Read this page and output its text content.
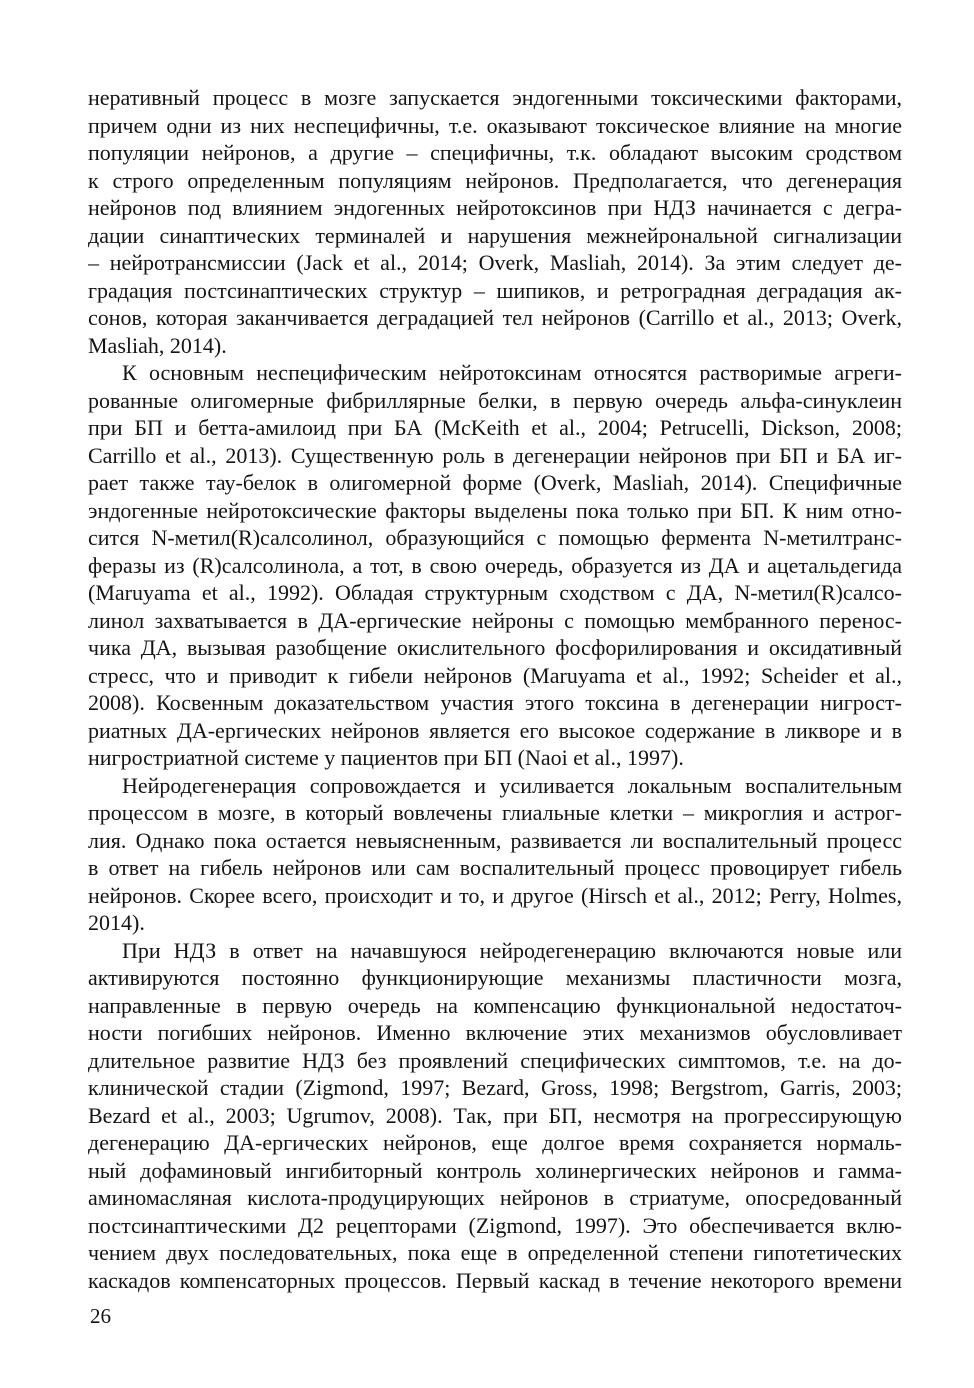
неративный процесс в мозге запускается эндогенными токсическими факторами,
причем одни из них неспецифичны, т.е. оказывают токсическое влияние на многие
популяции нейронов, а другие – специфичны, т.к. обладают высоким сродством
к строго определенным популяциям нейронов. Предполагается, что дегенерация
нейронов под влиянием эндогенных нейротоксинов при НДЗ начинается с дегра-
дации синаптических терминалей и нарушения межнейрональной сигнализации
– нейротрансмиссии (Jack et al., 2014; Overk, Masliah, 2014). За этим следует де-
градация постсинаптических структур – шипиков, и ретроградная деградация ак-
сонов, которая заканчивается деградацией тел нейронов (Carrillo et al., 2013; Overk,
Masliah, 2014).
К основным неспецифическим нейротоксинам относятся растворимые агреги-
рованные олигомерные фибриллярные белки, в первую очередь альфа-синуклеин
при БП и бетта-амилоид при БА (McKeith et al., 2004; Petrucelli, Dickson, 2008;
Carrillo et al., 2013). Существенную роль в дегенерации нейронов при БП и БА иг-
рает также тау-белок в олигомерной форме (Overk, Masliah, 2014). Специфичные
эндогенные нейротоксические факторы выделены пока только при БП. К ним отно-
сится N-метил(R)салсолинол, образующийся с помощью фермента N-метилтранс-
феразы из (R)салсолинола, а тот, в свою очередь, образуется из ДА и ацетальдегида
(Maruyama et al., 1992). Обладая структурным сходством с ДА, N-метил(R)салсо-
линол захватывается в ДА-ергические нейроны с помощью мембранного перенос-
чика ДА, вызывая разобщение окислительного фосфорилирования и оксидативный
стресс, что и приводит к гибели нейронов (Maruyama et al., 1992; Scheider et al.,
2008). Косвенным доказательством участия этого токсина в дегенерации нигрост-
риатных ДА-ергических нейронов является его высокое содержание в ликворе и в
нигростриатной системе у пациентов при БП (Naoi et al., 1997).
Нейродегенерация сопровождается и усиливается локальным воспалительным
процессом в мозге, в который вовлечены глиальные клетки – микроглия и астрог-
лия. Однако пока остается невыясненным, развивается ли воспалительный процесс
в ответ на гибель нейронов или сам воспалительный процесс провоцирует гибель
нейронов. Скорее всего, происходит и то, и другое (Hirsch et al., 2012; Perry, Holmes,
2014).
При НДЗ в ответ на начавшуюся нейродегенерацию включаются новые или
активируются постоянно функционирующие механизмы пластичности мозга,
направленные в первую очередь на компенсацию функциональной недостаточ-
ности погибших нейронов. Именно включение этих механизмов обусловливает
длительное развитие НДЗ без проявлений специфических симптомов, т.е. на до-
клинической стадии (Zigmond, 1997; Bezard, Gross, 1998; Bergstrom, Garris, 2003;
Bezard et al., 2003; Ugrumov, 2008). Так, при БП, несмотря на прогрессирующую
дегенерацию ДА-ергических нейронов, еще долгое время сохраняется нормаль-
ный дофаминовый ингибиторный контроль холинергических нейронов и гамма-
аминомасляная кислота-продуцирующих нейронов в стриатуме, опосредованный
постсинаптическими Д2 рецепторами (Zigmond, 1997). Это обеспечивается вклю-
чением двух последовательных, пока еще в определенной степени гипотетических
каскадов компенсаторных процессов. Первый каскад в течение некоторого времени
26
